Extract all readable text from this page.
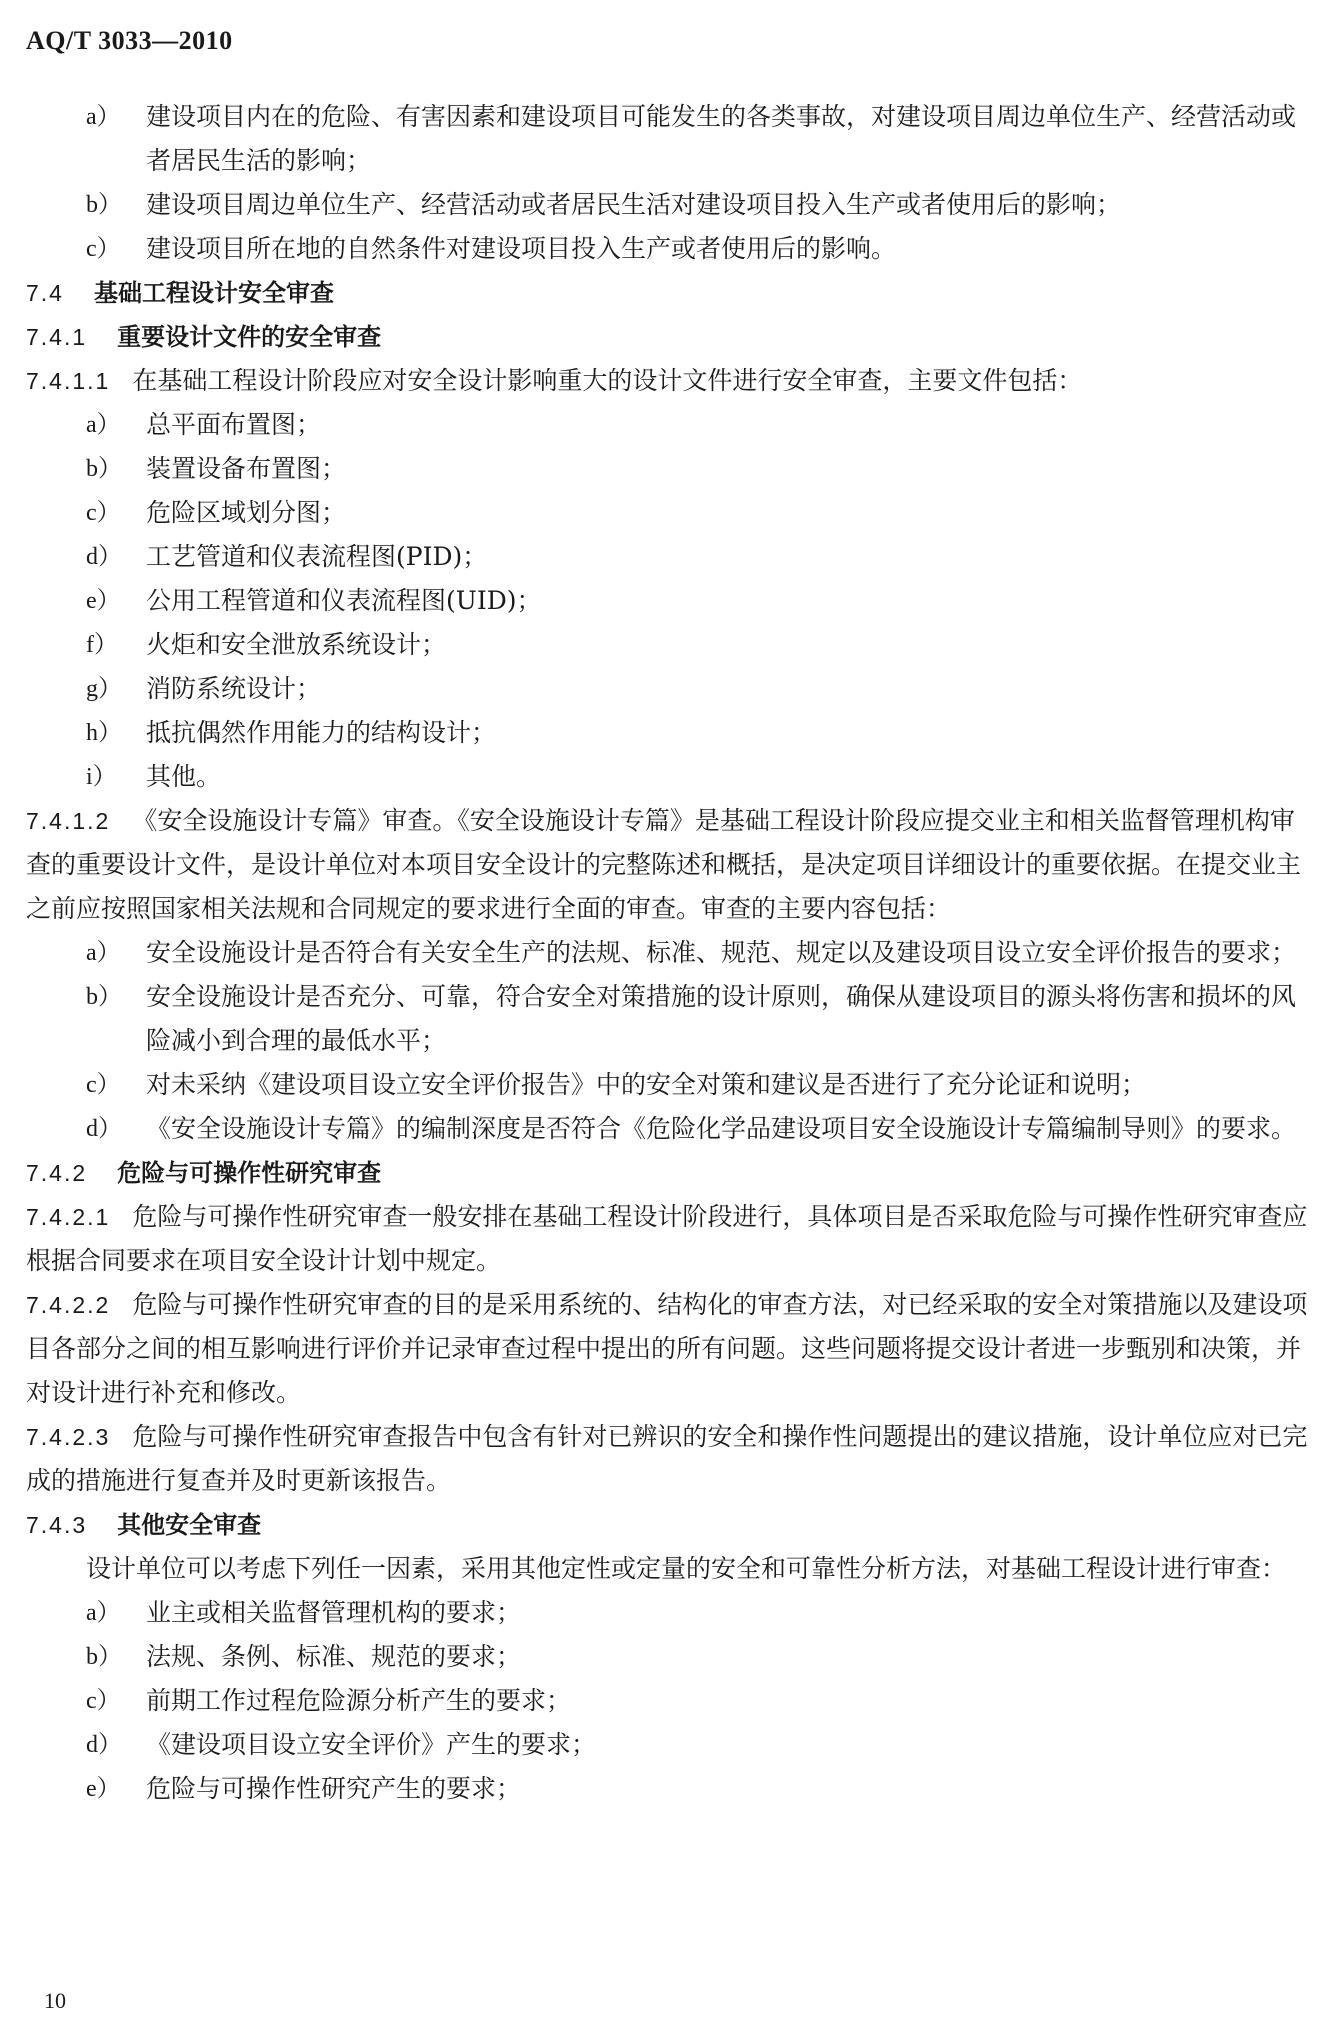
AQ/T 3033—2010
a） 建设项目内在的危险、有害因素和建设项目可能发生的各类事故，对建设项目周边单位生产、经营活动或者居民生活的影响；
b） 建设项目周边单位生产、经营活动或者居民生活对建设项目投入生产或者使用后的影响；
c） 建设项目所在地的自然条件对建设项目投入生产或者使用后的影响。
7.4 基础工程设计安全审查
7.4.1 重要设计文件的安全审查
7.4.1.1 在基础工程设计阶段应对安全设计影响重大的设计文件进行安全审查，主要文件包括：
a） 总平面布置图；
b） 装置设备布置图；
c） 危险区域划分图；
d） 工艺管道和仪表流程图(PID)；
e） 公用工程管道和仪表流程图(UID)；
f） 火炬和安全泄放系统设计；
g） 消防系统设计；
h） 抵抗偶然作用能力的结构设计；
i） 其他。
7.4.1.2 《安全设施设计专篇》审查。《安全设施设计专篇》是基础工程设计阶段应提交业主和相关监督管理机构审查的重要设计文件，是设计单位对本项目安全设计的完整陈述和概括，是决定项目详细设计的重要依据。在提交业主之前应按照国家相关法规和合同规定的要求进行全面的审查。审查的主要内容包括：
a） 安全设施设计是否符合有关安全生产的法规、标准、规范、规定以及建设项目设立安全评价报告的要求；
b） 安全设施设计是否充分、可靠，符合安全对策措施的设计原则，确保从建设项目的源头将伤害和损坏的风险减小到合理的最低水平；
c） 对未采纳《建设项目设立安全评价报告》中的安全对策和建议是否进行了充分论证和说明；
d） 《安全设施设计专篇》的编制深度是否符合《危险化学品建设项目安全设施设计专篇编制导则》的要求。
7.4.2 危险与可操作性研究审查
7.4.2.1 危险与可操作性研究审查一般安排在基础工程设计阶段进行，具体项目是否采取危险与可操作性研究审查应根据合同要求在项目安全设计计划中规定。
7.4.2.2 危险与可操作性研究审查的目的是采用系统的、结构化的审查方法，对已经采取的安全对策措施以及建设项目各部分之间的相互影响进行评价并记录审查过程中提出的所有问题。这些问题将提交设计者进一步甄别和决策，并对设计进行补充和修改。
7.4.2.3 危险与可操作性研究审查报告中包含有针对已辨识的安全和操作性问题提出的建议措施，设计单位应对已完成的措施进行复查并及时更新该报告。
7.4.3 其他安全审查
设计单位可以考虑下列任一因素，采用其他定性或定量的安全和可靠性分析方法，对基础工程设计进行审查：
a） 业主或相关监督管理机构的要求；
b） 法规、条例、标准、规范的要求；
c） 前期工作过程危险源分析产生的要求；
d） 《建设项目设立安全评价》产生的要求；
e） 危险与可操作性研究产生的要求；
10
